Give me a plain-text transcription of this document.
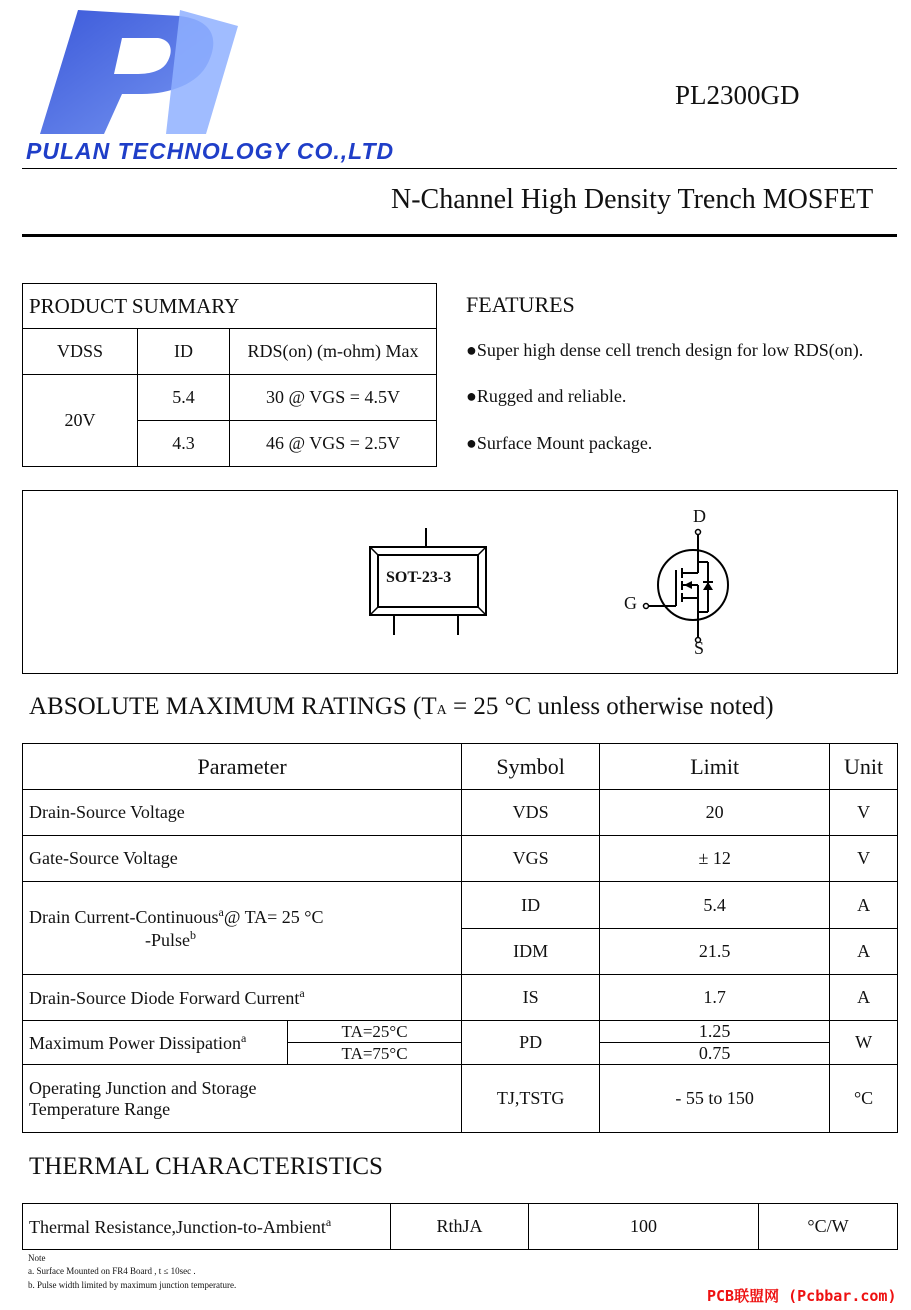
PULAN TECHNOLOGY CO.,LTD
PL2300GD
N-Channel High Density Trench MOSFET
PRODUCT SUMMARY		
VDSS	ID	RDS(on) (m-ohm) Max
20V	5.4	30 @ VGS = 4.5V
	4.3	46 @ VGS = 2.5V
FEATURES
●Super high dense cell trench design for low RDS(on).
●Rugged and reliable.
●Surface Mount package.
SOT-23-3
D
G
S
ABSOLUTE MAXIMUM RATINGS (TA = 25 °C unless otherwise noted)
Parameter		Symbol	Limit	Unit
Drain-Source Voltage		VDS	20	V
Gate-Source Voltage		VGS	± 12	V

Drain Current-Continuous$^a$@ TA= 25 °C
-Pulse$^b$		ID	5.4	A
		IDM	21.5	A
Drain-Source Diode Forward Current$^a$		IS	1.7	A
Maximum Power Dissipation$^a$	TA=25°C	PD	1.25	W
	TA=75°C		0.75	

Operating Junction and Storage
Temperature Range		TJ,TSTG	- 55 to 150	°C
THERMAL CHARACTERISTICS
Thermal Resistance,Junction-to-Ambient$^a$	RthJA	100	°C/W
Note
a. Surface Mounted on FR4 Board , t ≤ 10sec .
b. Pulse width limited by maximum junction temperature.
PCB联盟网 (Pcbbar.com)
